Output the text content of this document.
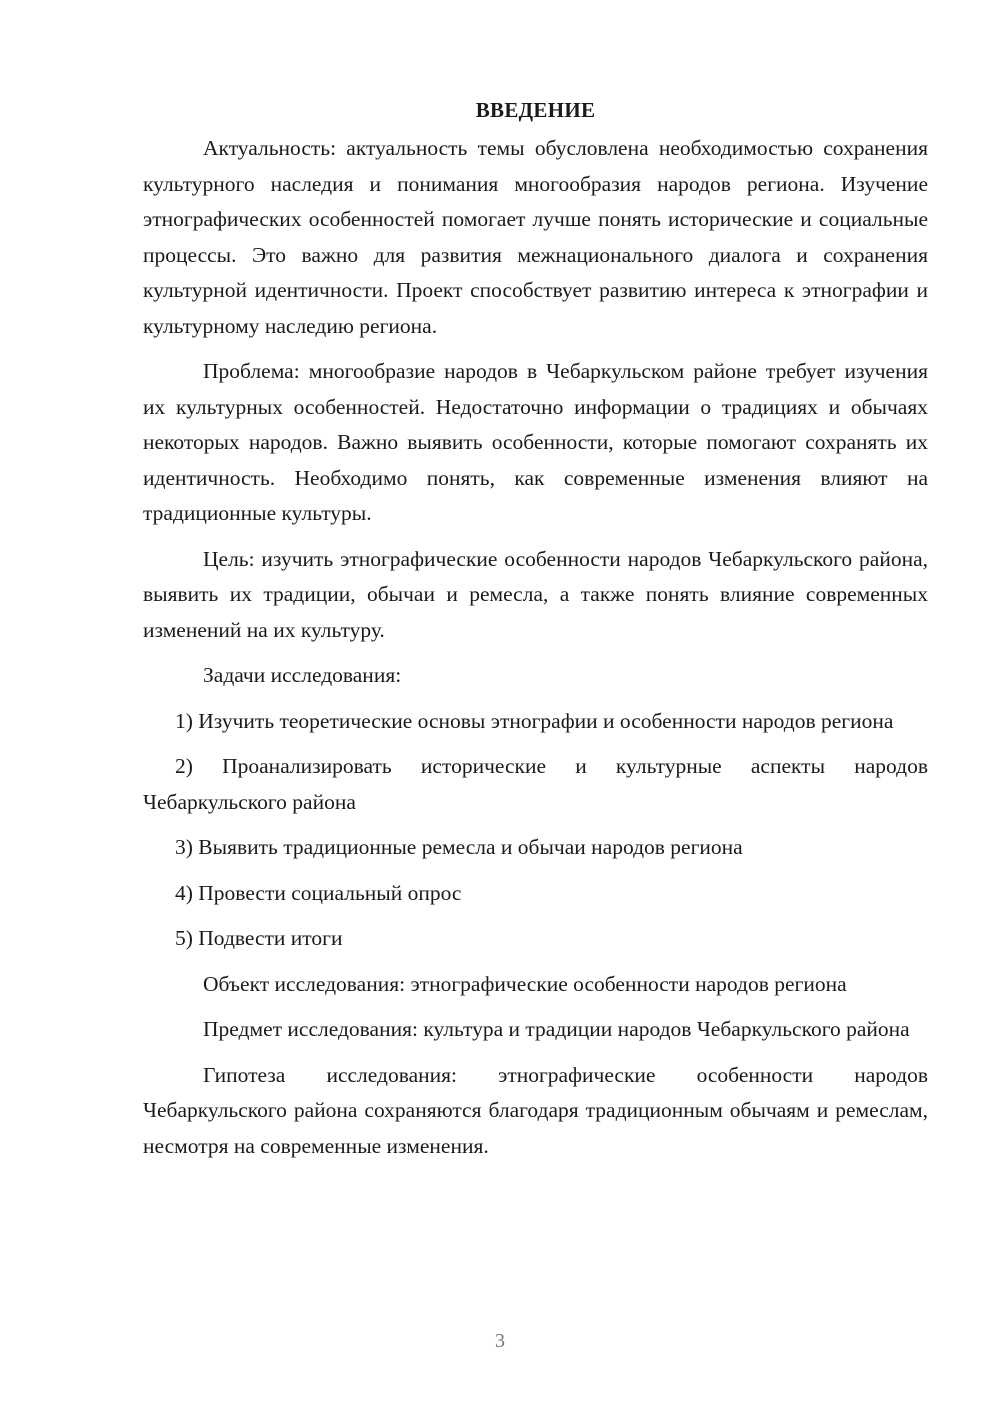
ВВЕДЕНИЕ

Актуальность: актуальность темы обусловлена необходимостью сохранения культурного наследия и понимания многообразия народов региона. Изучение этнографических особенностей помогает лучше понять исторические и социальные процессы. Это важно для развития межнационального диалога и сохранения культурной идентичности. Проект способствует развитию интереса к этнографии и культурному наследию региона.

Проблема: многообразие народов в Чебаркульском районе требует изучения их культурных особенностей. Недостаточно информации о традициях и обычаях некоторых народов. Важно выявить особенности, которые помогают сохранять их идентичность. Необходимо понять, как современные изменения влияют на традиционные культуры.

Цель: изучить этнографические особенности народов Чебаркульского района, выявить их традиции, обычаи и ремесла, а также понять влияние современных изменений на их культуру.

Задачи исследования:

1) Изучить теоретические основы этнографии и особенности народов региона
2) Проанализировать исторические и культурные аспекты народов Чебаркульского района
3) Выявить традиционные ремесла и обычаи народов региона
4) Провести социальный опрос
5) Подвести итоги

Объект исследования: этнографические особенности народов региона

Предмет исследования: культура и традиции народов Чебаркульского района

Гипотеза исследования: этнографические особенности народов Чебаркульского района сохраняются благодаря традиционным обычаям и ремеслам, несмотря на современные изменения.

3
